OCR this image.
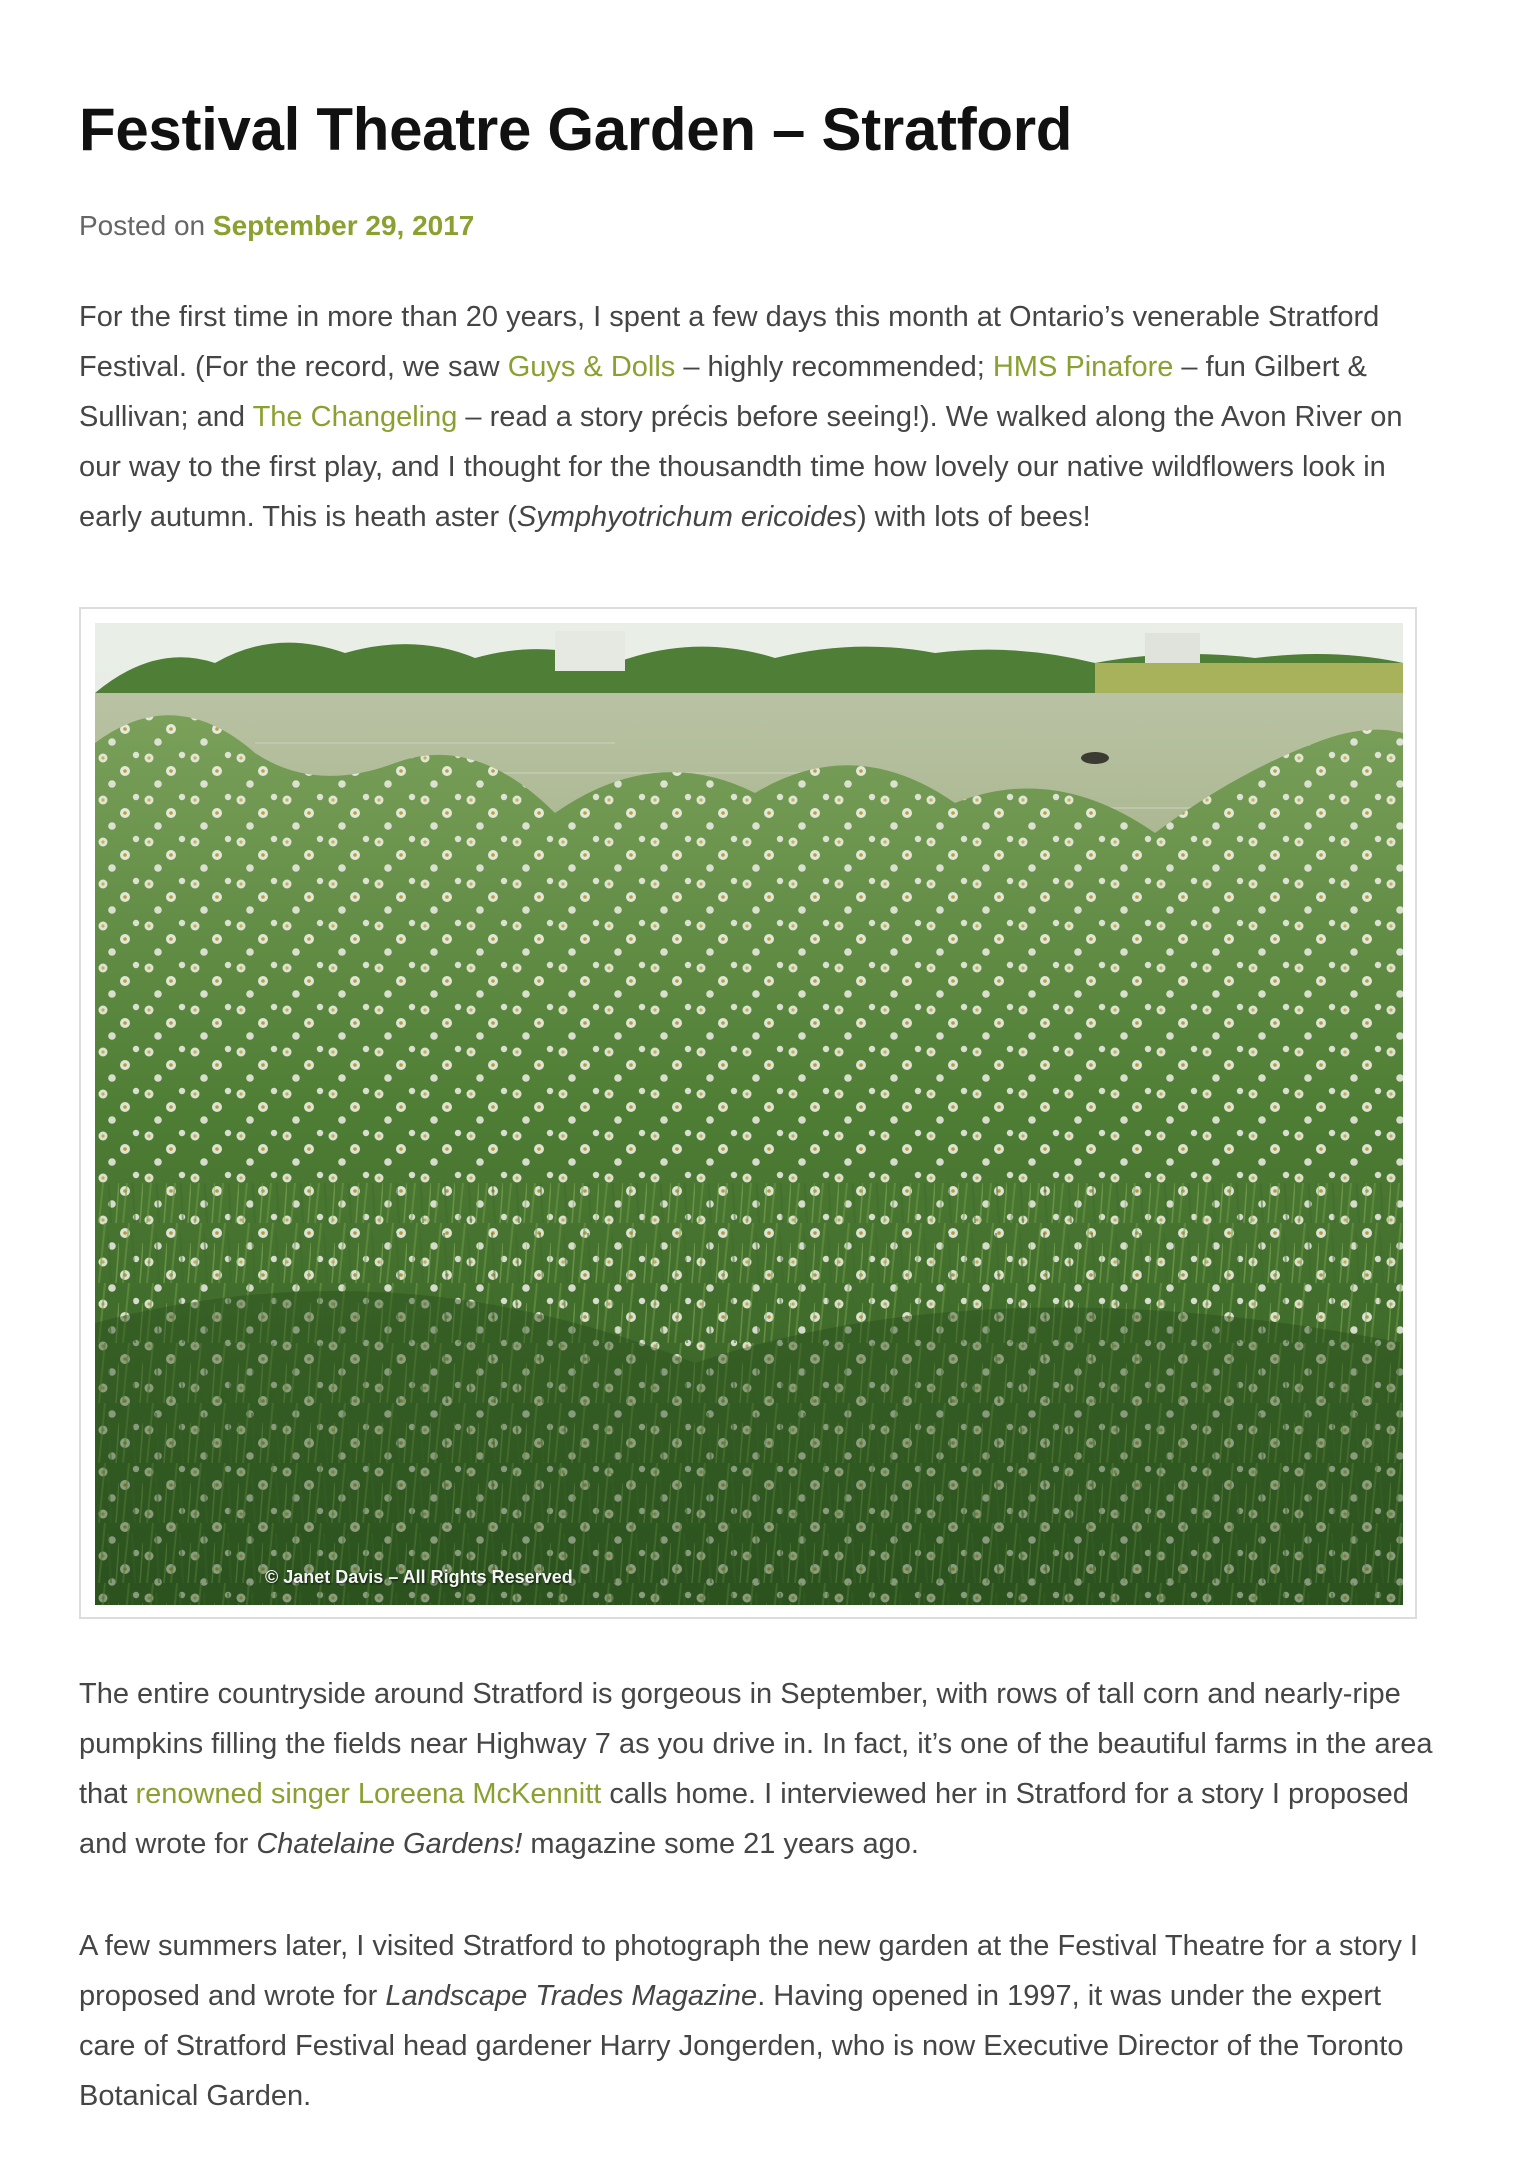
Festival Theatre Garden – Stratford
Posted on September 29, 2017

For the first time in more than 20 years, I spent a few days this month at Ontario’s venerable Stratford
Festival. (For the record, we saw Guys & Dolls – highly recommended; HMS Pinafore – fun Gilbert &
Sullivan; and The Changeling – read a story précis before seeing!). We walked along the Avon River on
our way to the first play, and I thought for the thousandth time how lovely our native wildflowers look in
early autumn. This is heath aster (Symphyotrichum ericoides) with lots of bees!

© Janet Davis – All Rights Reserved

The entire countryside around Stratford is gorgeous in September, with rows of tall corn and nearly-ripe
pumpkins filling the fields near Highway 7 as you drive in. In fact, it’s one of the beautiful farms in the area
that renowned singer Loreena McKennitt calls home. I interviewed her in Stratford for a story I proposed
and wrote for Chatelaine Gardens! magazine some 21 years ago.

A few summers later, I visited Stratford to photograph the new garden at the Festival Theatre for a story I
proposed and wrote for Landscape Trades Magazine. Having opened in 1997, it was under the expert
care of Stratford Festival head gardener Harry Jongerden, who is now Executive Director of the Toronto
Botanical Garden.
